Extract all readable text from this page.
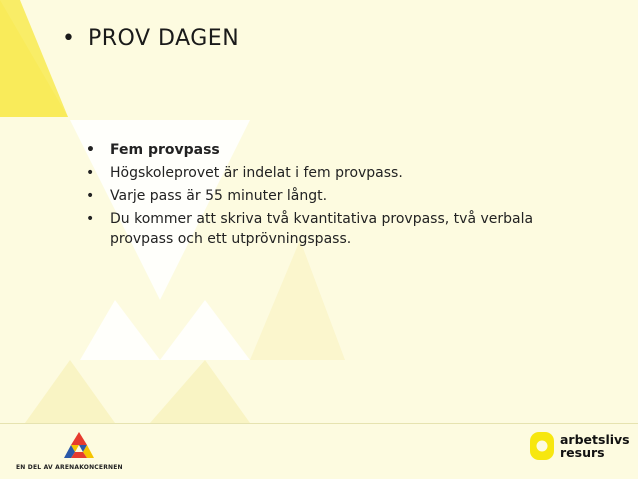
• PROV DAGEN
• Fem provpass
• Högskoleprovet är indelat i fem provpass.
• Varje pass är 55 minuter långt.
• Du kommer att skriva två kvantitativa provpass, två verbala provpass och ett utprövningspass.
EN DEL AV ARENAKONCERNEN
arbetslivs
resurs
